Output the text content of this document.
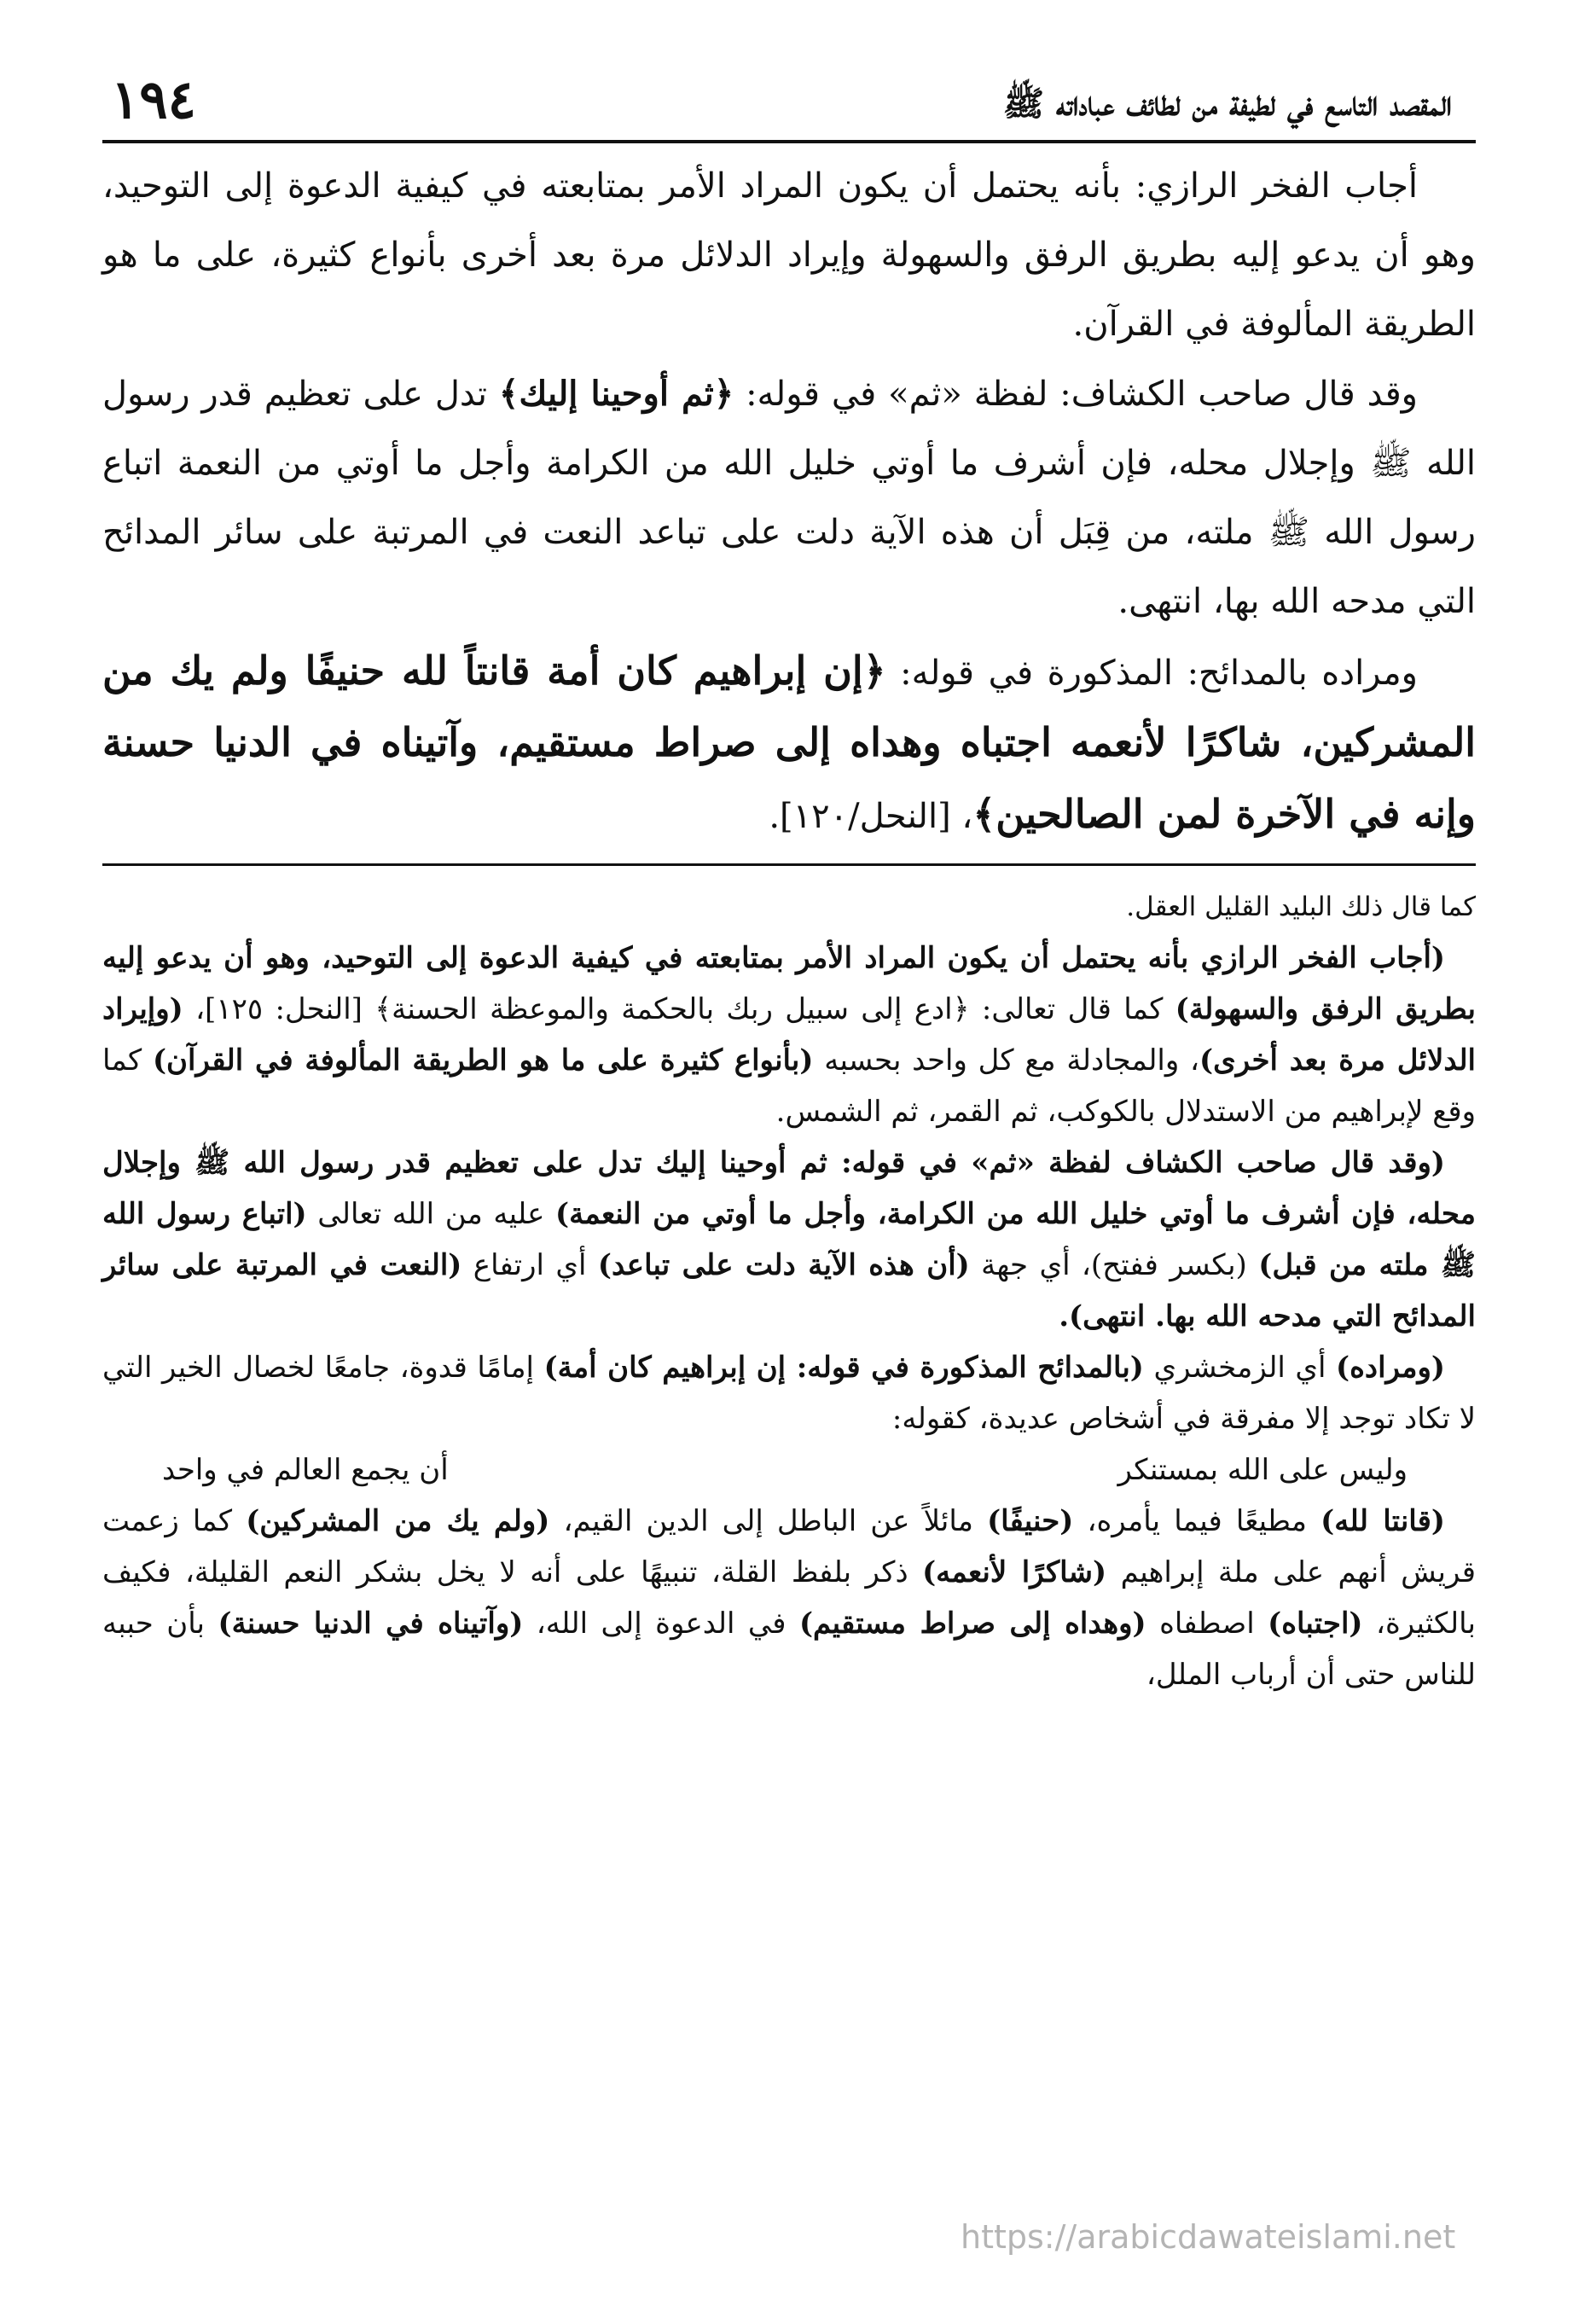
١٩٤	المقصد التاسع في لطيفة من لطائف عباداته ﷺ

أجاب الفخر الرازي: بأنه يحتمل أن يكون المراد الأمر بمتابعته في كيفية الدعوة إلى التوحيد، وهو أن يدعو إليه بطريق الرفق والسهولة وإيراد الدلائل مرة بعد أخرى بأنواع كثيرة، على ما هو الطريقة المألوفة في القرآن.

وقد قال صاحب الكشاف: لفظة «ثم» في قوله: ﴿ثم أوحينا إليك﴾ تدل على تعظيم قدر رسول الله ﷺ وإجلال محله، فإن أشرف ما أوتي خليل الله من الكرامة وأجل ما أوتي من النعمة اتباع رسول الله ﷺ ملته، من قِبَل أن هذه الآية دلت على تباعد النعت في المرتبة على سائر المدائح التي مدحه الله بها، انتهى.

ومراده بالمدائح: المذكورة في قوله: ﴿إن إبراهيم كان أمة قانتاً لله حنيفًا ولم يك من المشركين، شاكرًا لأنعمه اجتباه وهداه إلى صراط مستقيم، وآتيناه في الدنيا حسنة وإنه في الآخرة لمن الصالحين﴾، [النحل/١٢٠].

كما قال ذلك البليد القليل العقل.

(أجاب الفخر الرازي بأنه يحتمل أن يكون المراد الأمر بمتابعته في كيفية الدعوة إلى التوحيد، وهو أن يدعو إليه بطريق الرفق والسهولة) كما قال تعالى: ﴿ادع إلى سبيل ربك بالحكمة والموعظة الحسنة﴾ [النحل: ١٢٥]، (وإيراد الدلائل مرة بعد أخرى)، والمجادلة مع كل واحد بحسبه (بأنواع كثيرة على ما هو الطريقة المألوفة في القرآن) كما وقع لإبراهيم من الاستدلال بالكوكب، ثم القمر، ثم الشمس.

(وقد قال صاحب الكشاف لفظة «ثم» في قوله: ثم أوحينا إليك تدل على تعظيم قدر رسول الله ﷺ وإجلال محله، فإن أشرف ما أوتي خليل الله من الكرامة، وأجل ما أوتي من النعمة) عليه من الله تعالى (اتباع رسول الله ﷺ ملته من قبل) (بكسر ففتح)، أي جهة (أن هذه الآية دلت على تباعد) أي ارتفاع (النعت في المرتبة على سائر المدائح التي مدحه الله بها. انتهى).

(ومراده) أي الزمخشري (بالمدائح المذكورة في قوله: إن إبراهيم كان أمة) إمامًا قدوة، جامعًا لخصال الخير التي لا تكاد توجد إلا مفرقة في أشخاص عديدة، كقوله:

وليس على الله بمستنكر
أن يجمع العالم في واحد

(قانتا لله) مطيعًا فيما يأمره، (حنيفًا) مائلاً عن الباطل إلى الدين القيم، (ولم يك من المشركين) كما زعمت قريش أنهم على ملة إبراهيم (شاكرًا لأنعمه) ذكر بلفظ القلة، تنبيهًا على أنه لا يخل بشكر النعم القليلة، فكيف بالكثيرة، (اجتباه) اصطفاه (وهداه إلى صراط مستقيم) في الدعوة إلى الله، (وآتيناه في الدنيا حسنة) بأن حببه للناس حتى أن أرباب الملل،

https://arabicdawateislami.net
